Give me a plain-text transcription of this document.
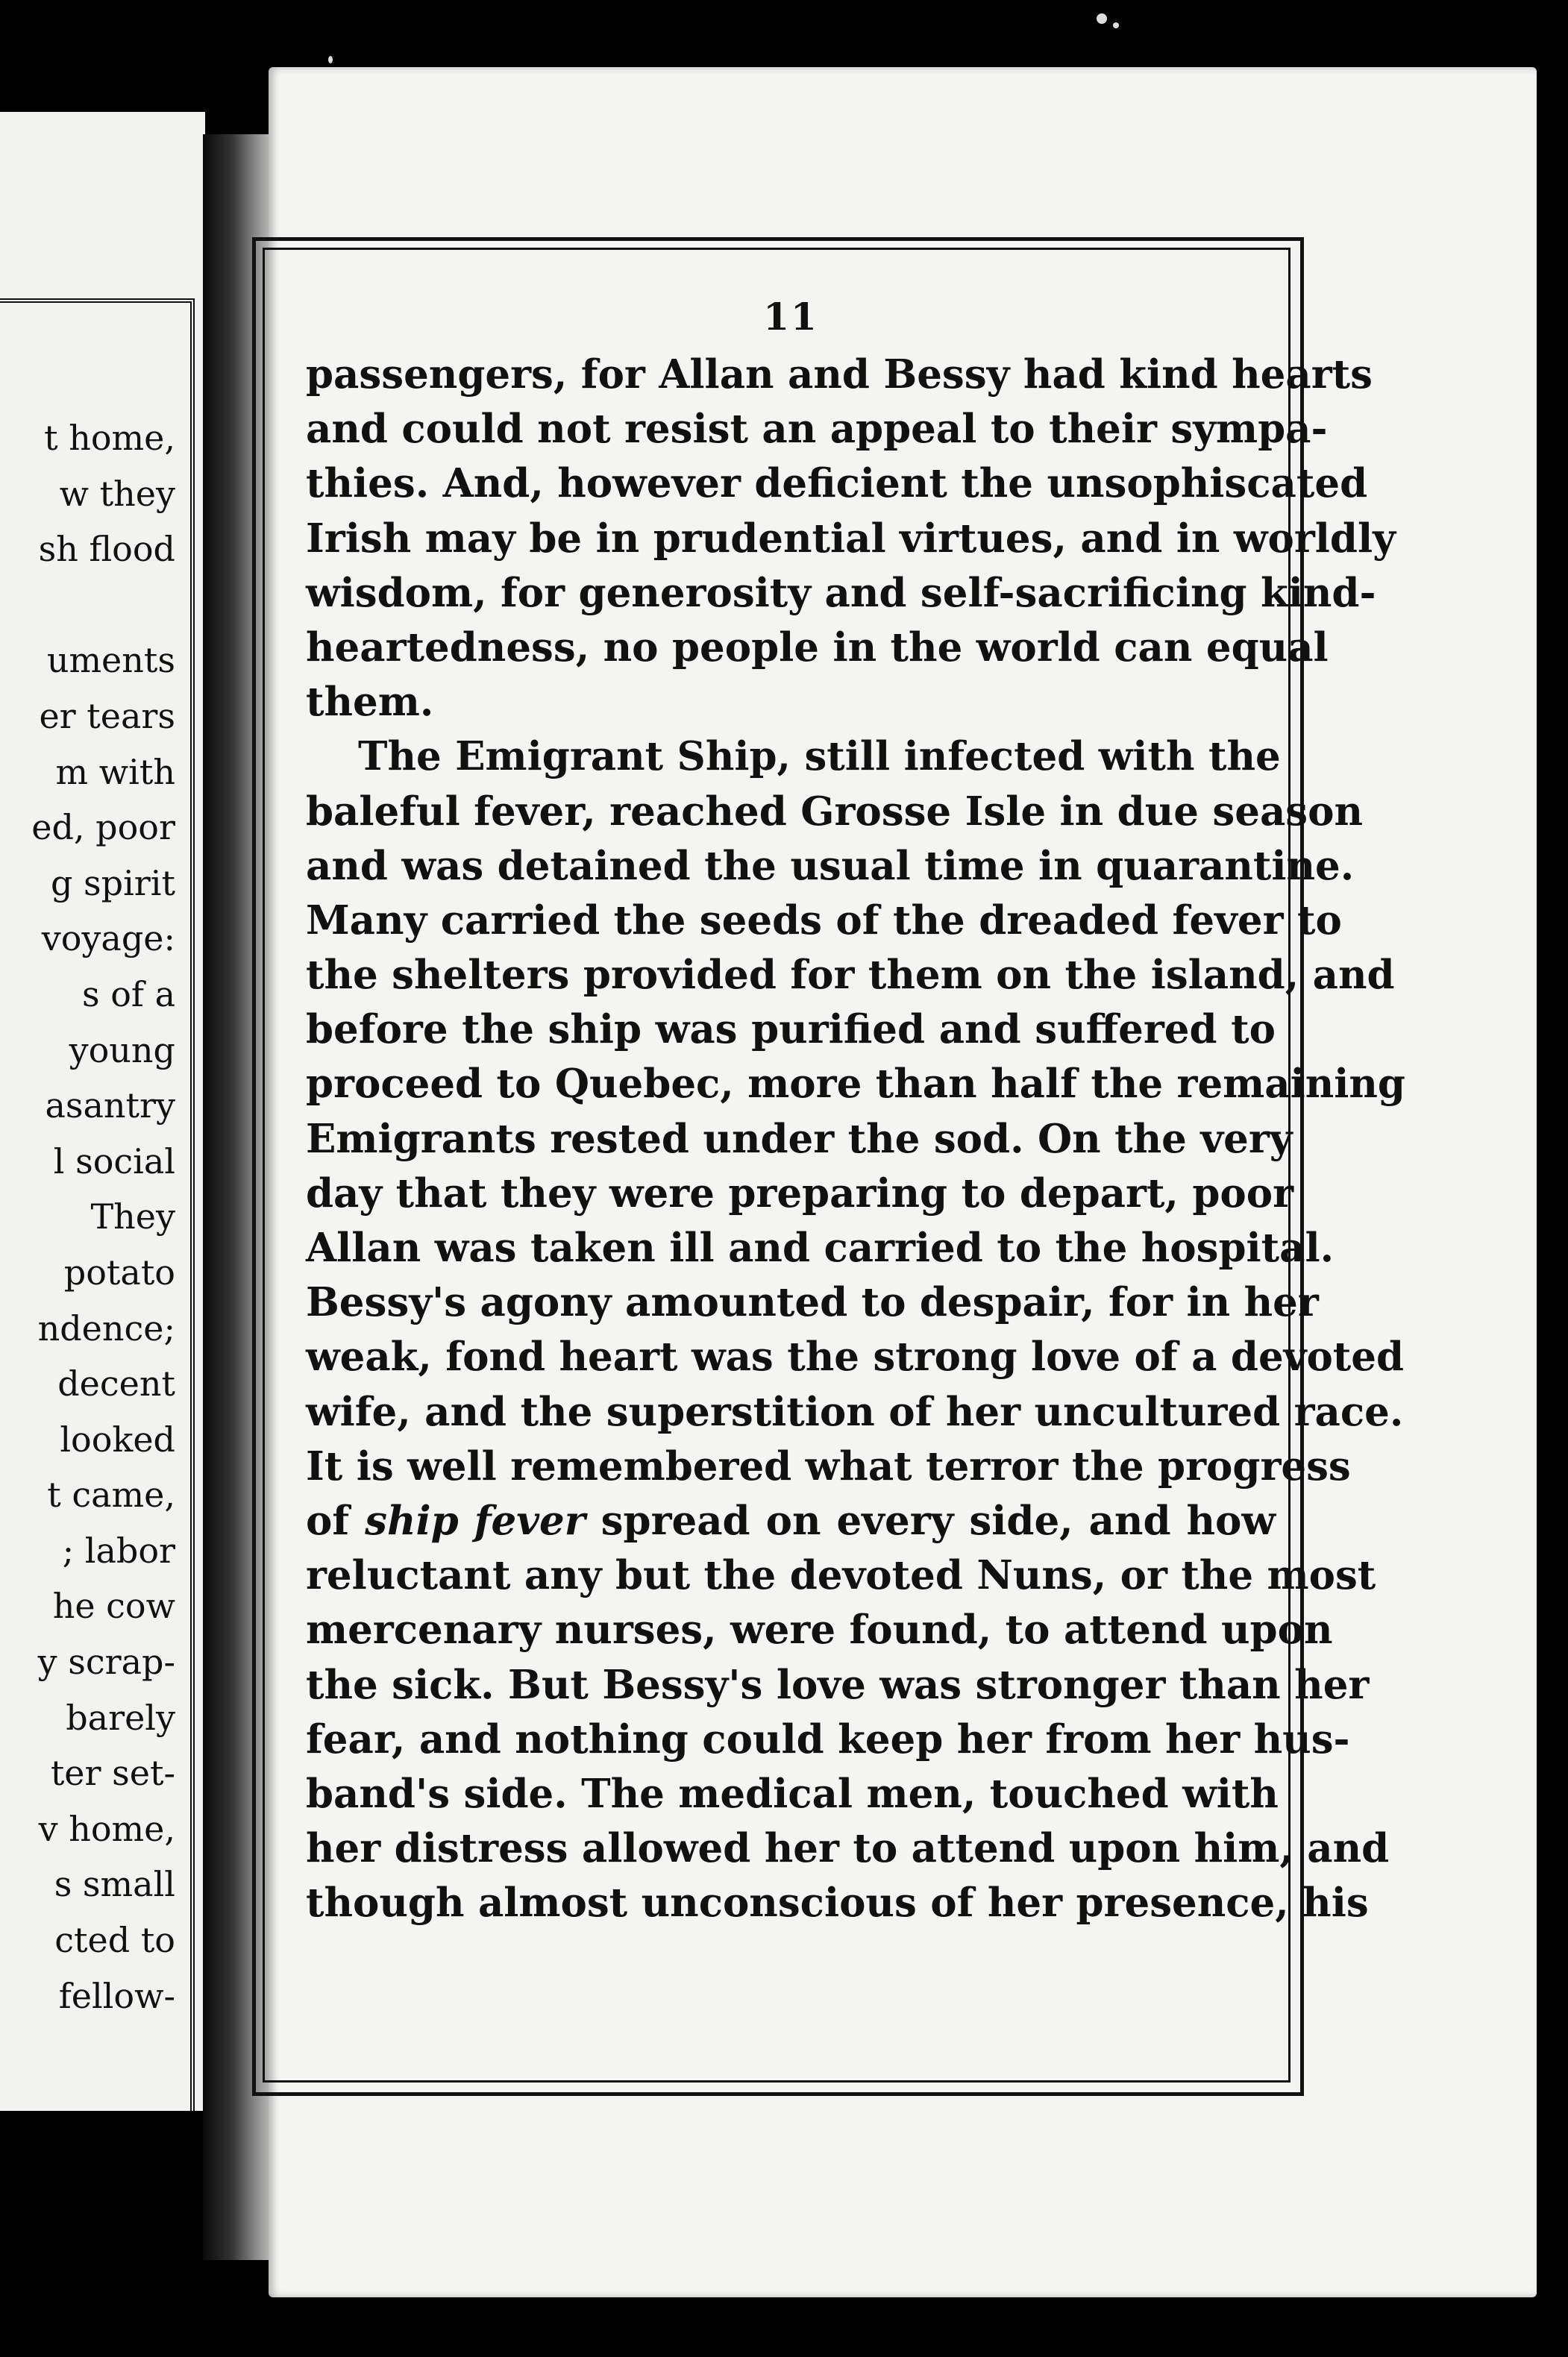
t home,
w they
sh flood
uments
er tears
m with
ed, poor
g spirit
voyage:
s of a
young
asantry
l social
They
potato
ndence;
decent
looked
t came,
; labor
he cow
y scrap-
barely
ter set-
v home,
s small
cted to
fellow-
11
passengers, for Allan and Bessy had kind hearts
and could not resist an appeal to their sympa-
thies. And, however deficient the unsophiscated
Irish may be in prudential virtues, and in worldly
wisdom, for generosity and self-sacrificing kind-
heartedness, no people in the world can equal
them.
The Emigrant Ship, still infected with the
baleful fever, reached Grosse Isle in due season
and was detained the usual time in quarantine.
Many carried the seeds of the dreaded fever to
the shelters provided for them on the island, and
before the ship was purified and suffered to
proceed to Quebec, more than half the remaining
Emigrants rested under the sod. On the very
day that they were preparing to depart, poor
Allan was taken ill and carried to the hospital.
Bessy's agony amounted to despair, for in her
weak, fond heart was the strong love of a devoted
wife, and the superstition of her uncultured race.
It is well remembered what terror the progress
of ship fever spread on every side, and how
reluctant any but the devoted Nuns, or the most
mercenary nurses, were found, to attend upon
the sick. But Bessy's love was stronger than her
fear, and nothing could keep her from her hus-
band's side. The medical men, touched with
her distress allowed her to attend upon him, and
though almost unconscious of her presence, his
